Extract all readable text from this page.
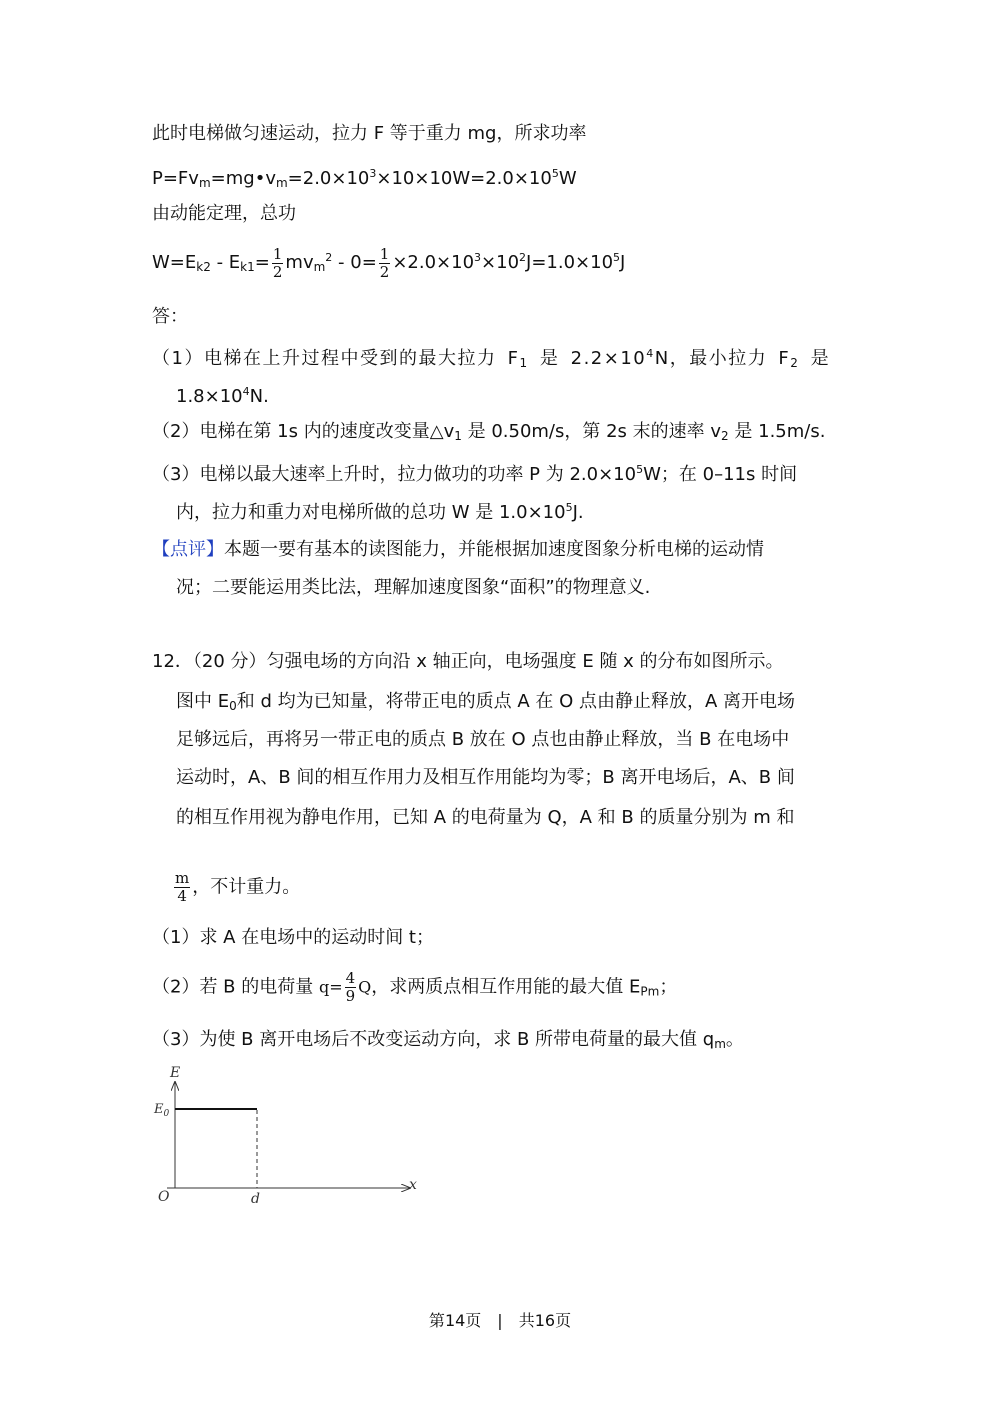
此时电梯做匀速运动，拉力 F 等于重力 mg，所求功率
$P=Fv_m=mg•v_m=2.0\times 10^3\times 10\times 10W=2.0\times 10^5W$
由动能定理，总功
$W=E_{k2} - E_{k1}= \frac{1}{2} mv_m^2 - 0= \frac{1}{2} \times 2.0\times 10^3\times 10^2J=1.0\times 10^5J$
答：
（1）电梯在上升过程中受到的最大拉力 $F_1$ 是 $2.2\times 10^4N$，最小拉力 $F_2$ 是
$1.8\times 10^4N$.
（2）电梯在第 1s 内的速度改变量$\triangle v_1$ 是 0.50m/s，第 2s 末的速率 $v_2$ 是 1.5m/s.
（3）电梯以最大速率上升时，拉力做功的功率 P 为 $2.0\times 10^5W$；在 0–11s 时间
内，拉力和重力对电梯所做的总功 W 是 $1.0\times 10^5J$.
【点评】本题一要有基本的读图能力，并能根据加速度图象分析电梯的运动情
况；二要能运用类比法，理解加速度图象“面积”的物理意义.
12．（20 分）匀强电场的方向沿 x 轴正向，电场强度 E 随 x 的分布如图所示。
图中 $E_0$和 d 均为已知量，将带正电的质点 A 在 O 点由静止释放，A 离开电场
足够远后，再将另一带正电的质点 B 放在 O 点也由静止释放，当 B 在电场中
运动时，A、B 间的相互作用力及相互作用能均为零；B 离开电场后，A、B 间
的相互作用视为静电作用，已知 A 的电荷量为 Q，A 和 B 的质量分别为 m 和
$\frac{m}{4}$ ，不计重力。
（1）求 A 在电场中的运动时间 t；
（2）若 B 的电荷量 $q= \frac{4}{9}$ Q，求两质点相互作用能的最大值 $E_{Pm}$；
（3）为使 B 离开电场后不改变运动方向，求 B 所带电荷量的最大值 $q_m$。
E
x
O
$E_0$
d
第14页　|　共16页
